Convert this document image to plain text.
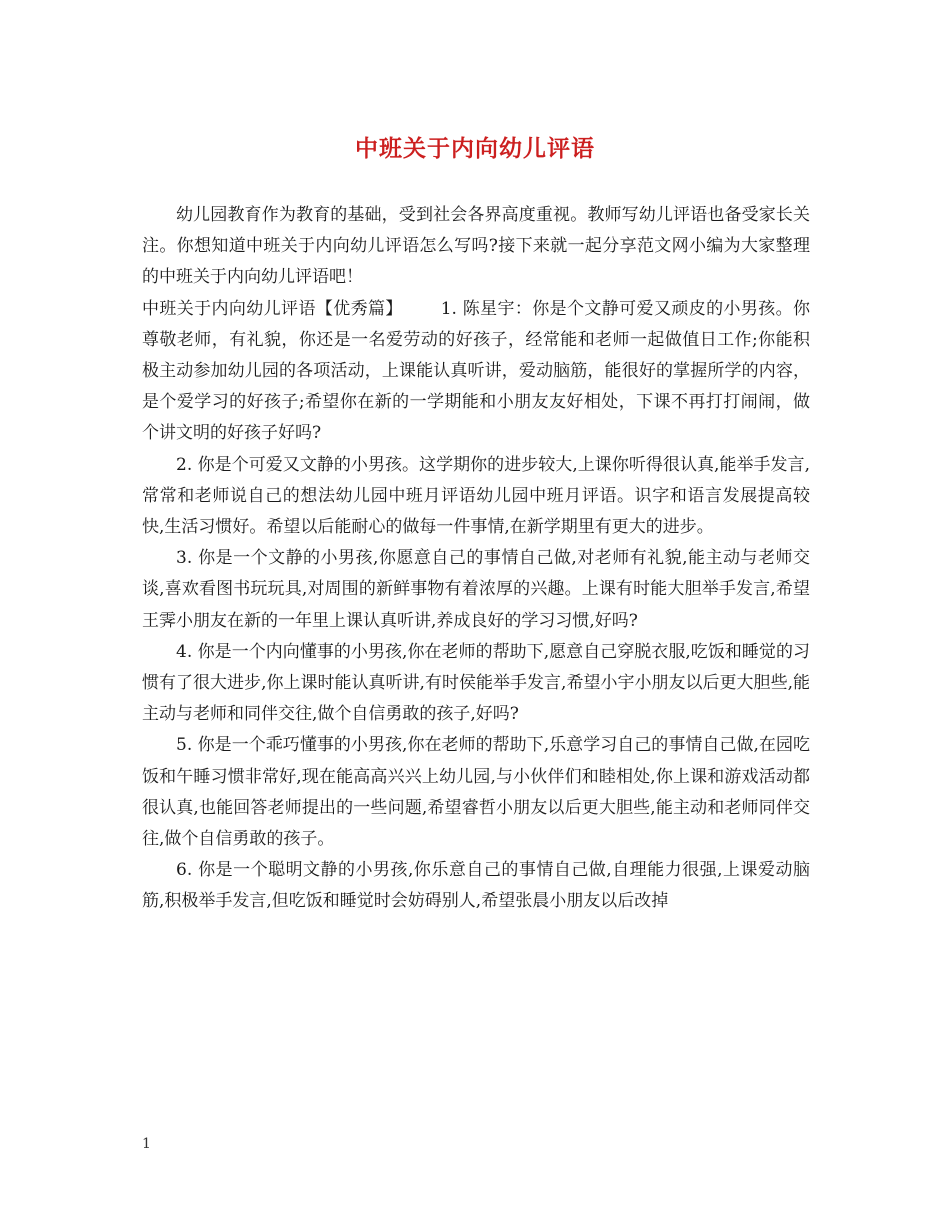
中班关于内向幼儿评语

幼儿园教育作为教育的基础，受到社会各界高度重视。教师写幼儿评语也备受家长关注。你想知道中班关于内向幼儿评语怎么写吗?接下来就一起分享范文网小编为大家整理的中班关于内向幼儿评语吧！

中班关于内向幼儿评语【优秀篇】 1. 陈星宇：你是个文静可爱又顽皮的小男孩。你尊敬老师，有礼貌，你还是一名爱劳动的好孩子，经常能和老师一起做值日工作;你能积极主动参加幼儿园的各项活动，上课能认真听讲，爱动脑筋，能很好的掌握所学的内容，是个爱学习的好孩子;希望你在新的一学期能和小朋友友好相处，下课不再打打闹闹，做个讲文明的好孩子好吗?

2. 你是个可爱又文静的小男孩。这学期你的进步较大,上课你听得很认真,能举手发言,常常和老师说自己的想法幼儿园中班月评语幼儿园中班月评语。识字和语言发展提高较快,生活习惯好。希望以后能耐心的做每一件事情,在新学期里有更大的进步。

3. 你是一个文静的小男孩,你愿意自己的事情自己做,对老师有礼貌,能主动与老师交谈,喜欢看图书玩玩具,对周围的新鲜事物有着浓厚的兴趣。上课有时能大胆举手发言,希望王霁小朋友在新的一年里上课认真听讲,养成良好的学习习惯,好吗?

4. 你是一个内向懂事的小男孩,你在老师的帮助下,愿意自己穿脱衣服,吃饭和睡觉的习惯有了很大进步,你上课时能认真听讲,有时侯能举手发言,希望小宇小朋友以后更大胆些,能主动与老师和同伴交往,做个自信勇敢的孩子,好吗?

5. 你是一个乖巧懂事的小男孩,你在老师的帮助下,乐意学习自己的事情自己做,在园吃饭和午睡习惯非常好,现在能高高兴兴上幼儿园,与小伙伴们和睦相处,你上课和游戏活动都很认真,也能回答老师提出的一些问题,希望睿哲小朋友以后更大胆些,能主动和老师同伴交往,做个自信勇敢的孩子。

6. 你是一个聪明文静的小男孩,你乐意自己的事情自己做,自理能力很强,上课爱动脑筋,积极举手发言,但吃饭和睡觉时会妨碍别人,希望张晨小朋友以后改掉

1
